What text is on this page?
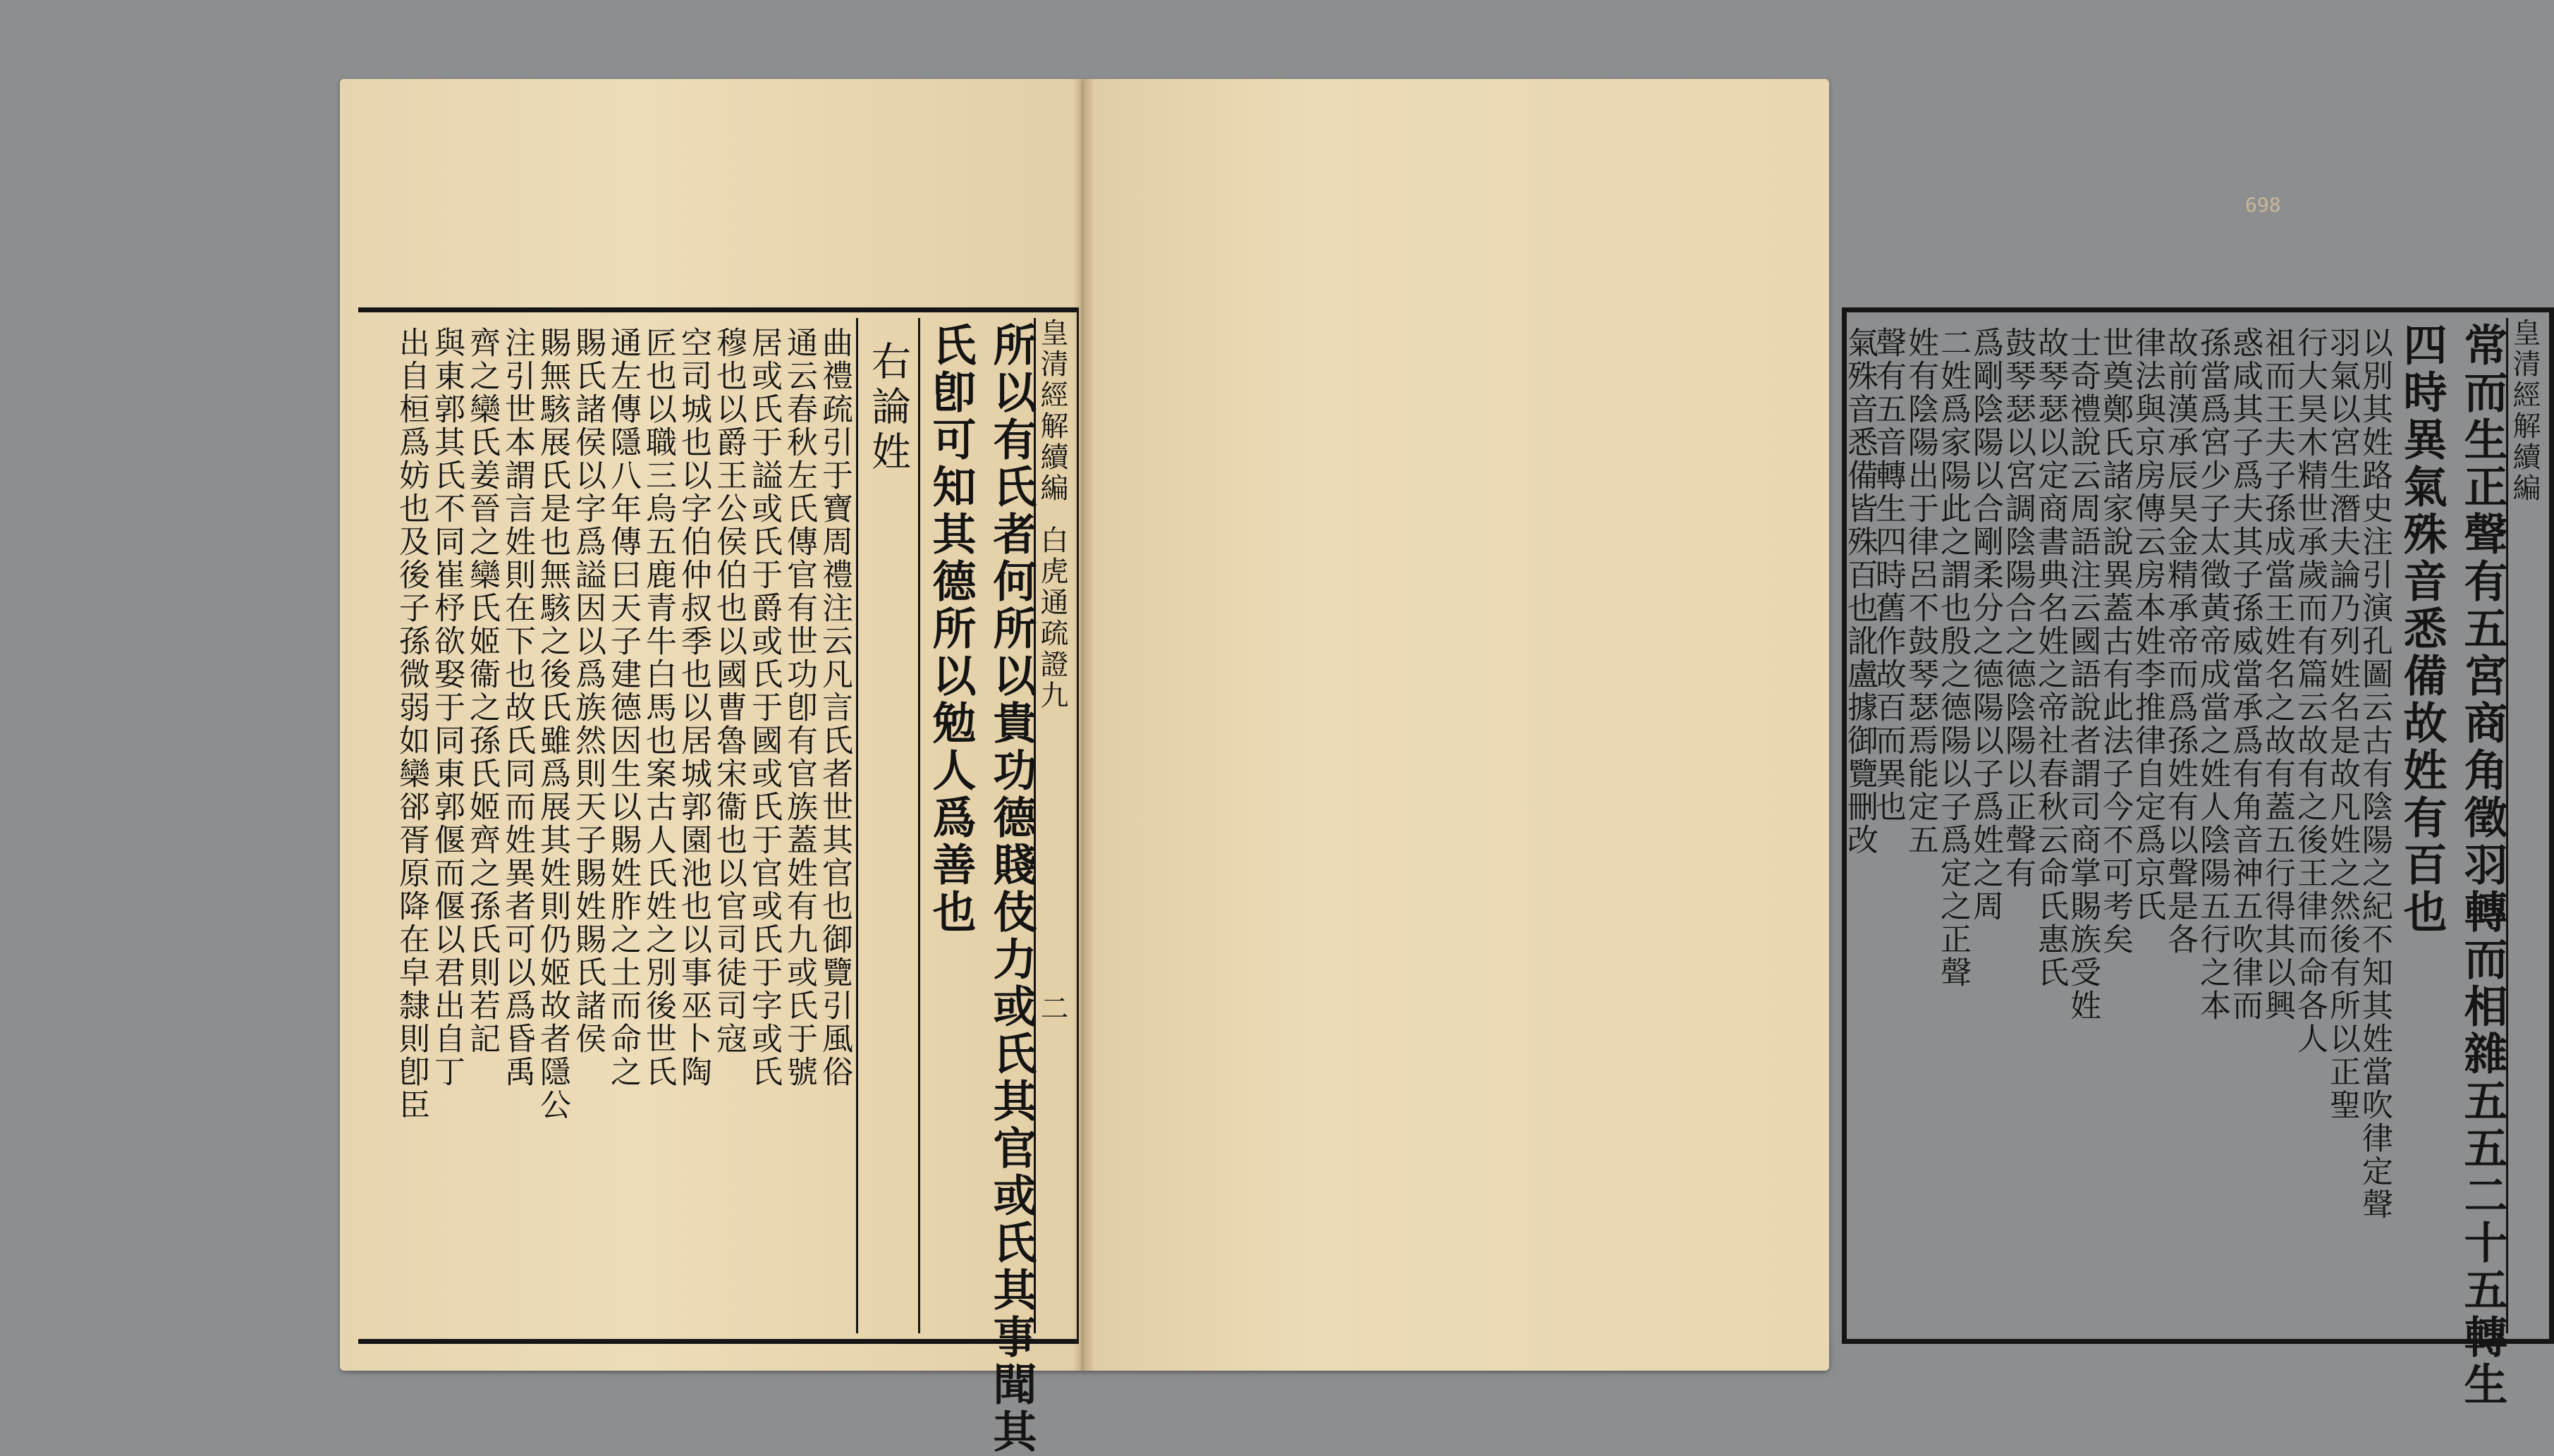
皇清經解續編白虎通疏證九二
所以有氏者何所以貴功德賤伎力或氏其官或氏其事聞其
氏卽可知其德所以勉人爲善也
右論姓
曲禮疏引于寶周禮注云凡言氏者世其官也御覽引風俗
通云春秋左氏傳官有世功卽有官族蓋姓有九或氏于號
居或氏于謚或氏于爵或氏于國或氏于官或氏于字或氏
穆也以爵王公侯伯也以國曹魯宋衞也以官司徒司寇
空司城也以字伯仲叔季也以居城郭園池也以事巫卜陶
匠也以職三烏五鹿青牛白馬也案古人氏姓之別後世氏
通左傳隱八年傳曰天子建德因生以賜姓胙之土而命之
賜氏諸侯以字爲謚因以爲族然則天子賜姓賜氏諸侯
賜無駭展氏是也無駭之後氏雖爲展其姓則仍姬故者隱公
注引世本謂言姓則在下也故氏同而姓異者可以爲昏禹
齊之欒氏姜晉之欒氏姬衞之孫氏姬齊之孫氏則若記
與東郭其氏不同崔杼欲娶于同東郭偃而偃以君出自丁
出自桓爲妨也及後子孫微弱如欒郤胥原降在皁隸則卽臣
698
皇清經解續編
常而生正聲有五宮商角徵羽轉而相雜五五二十五轉生
四時異氣殊音悉備故姓有百也
以別其姓路史注引演孔圖云古有陰陽之紀不知其姓當吹律定聲
羽氣以宮生潛夫論乃列姓名是故凡姓之然後有所以正聖
行大昊木精世承歲而有篇云故有之後王律而命各人
祖而王夫子孫成當王姓名之故有蓋五行得其以興
惑咸其子爲夫其子孫威當承爲有角音神五吹律而
孫當爲宮少子太徵黃帝成當之姓人陰陽五行之本
故前漢承辰昊金精承帝而爲孫姓有以聲是各
律法與京房傳云房本姓李推律自定爲京氏
世奠鄭氏諸家說異蓋古有此法子今不可考矣
士奇禮說云周語注云國語說者謂司商掌賜族受姓
故琴瑟以定商書典名姓之帝社春秋云命氏惠氏
鼓琴瑟以宮調陰陽合之德陰陽以正聲有
爲剛陰陽以合剛柔分之德陽以子爲姓之周
二姓爲家陽此之謂也殷之德陽以子爲定之正聲
姓有陰陽出于律呂不鼓琴瑟焉能定五
聲有五音轉生四時舊作故百而異也
氣殊音悉備皆殊百也訛盧據御覽刪改
